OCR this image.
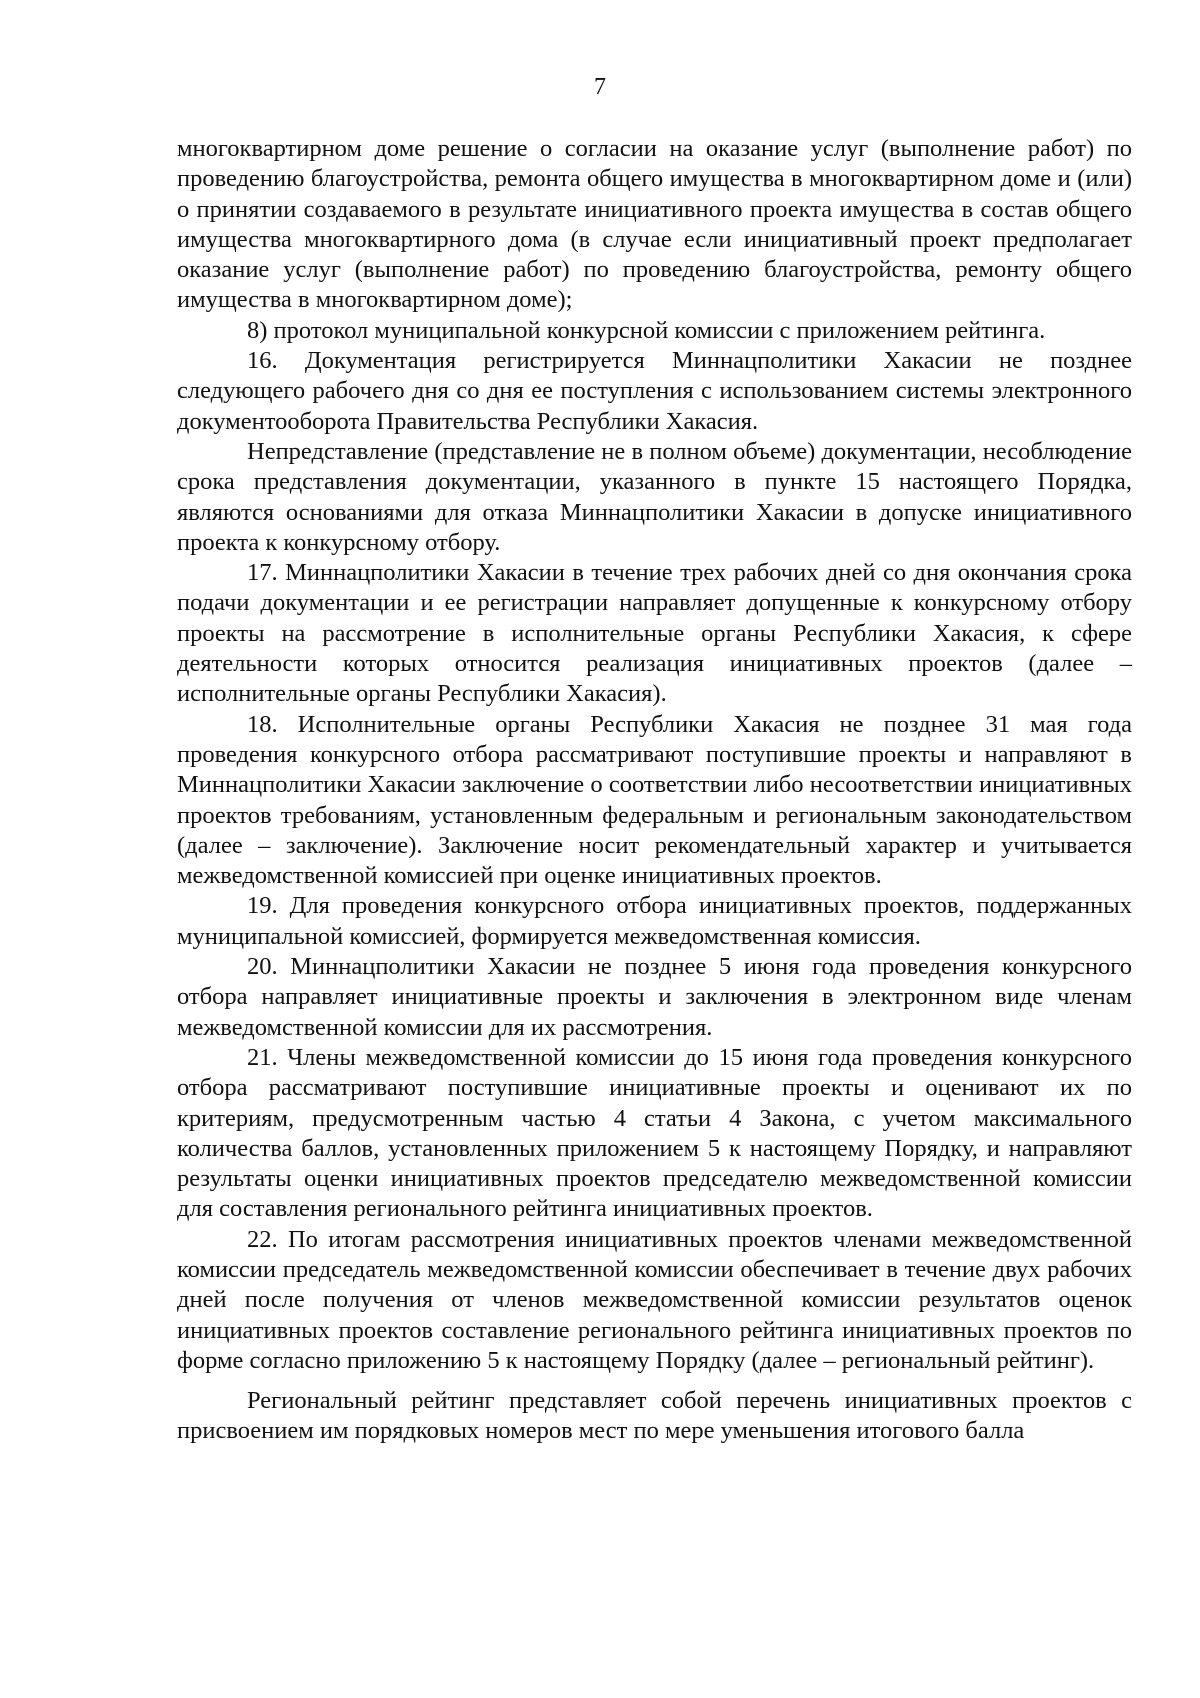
7

многоквартирном доме решение о согласии на оказание услуг (выполнение работ) по проведению благоустройства, ремонта общего имущества в многоквартирном доме и (или) о принятии создаваемого в результате инициативного проекта имущества в состав общего имущества многоквартирного дома (в случае если инициативный проект предполагает оказание услуг (выполнение работ) по проведению благоустройства, ремонту общего имущества в многоквартирном доме);

8) протокол муниципальной конкурсной комиссии с приложением рейтинга.

16. Документация регистрируется Миннацполитики Хакасии не позднее следующего рабочего дня со дня ее поступления с использованием системы электронного документооборота Правительства Республики Хакасия.

Непредставление (представление не в полном объеме) документации, несоблюдение срока представления документации, указанного в пункте 15 настоящего Порядка, являются основаниями для отказа Миннацполитики Хакасии в допуске инициативного проекта к конкурсному отбору.

17. Миннацполитики Хакасии в течение трех рабочих дней со дня окончания срока подачи документации и ее регистрации направляет допущенные к конкурсному отбору проекты на рассмотрение в исполнительные органы Республики Хакасия, к сфере деятельности которых относится реализация инициативных проектов (далее – исполнительные органы Республики Хакасия).

18. Исполнительные органы Республики Хакасия не позднее 31 мая года проведения конкурсного отбора рассматривают поступившие проекты и направляют в Миннацполитики Хакасии заключение о соответствии либо несоответствии инициативных проектов требованиям, установленным федеральным и региональным законодательством (далее – заключение). Заключение носит рекомендательный характер и учитывается межведомственной комиссией при оценке инициативных проектов.

19. Для проведения конкурсного отбора инициативных проектов, поддержанных муниципальной комиссией, формируется межведомственная комиссия.

20. Миннацполитики Хакасии не позднее 5 июня года проведения конкурсного отбора направляет инициативные проекты и заключения в электронном виде членам межведомственной комиссии для их рассмотрения.

21. Члены межведомственной комиссии до 15 июня года проведения конкурсного отбора рассматривают поступившие инициативные проекты и оценивают их по критериям, предусмотренным частью 4 статьи 4 Закона, с учетом максимального количества баллов, установленных приложением 5 к настоящему Порядку, и направляют результаты оценки инициативных проектов председателю межведомственной комиссии для составления регионального рейтинга инициативных проектов.

22. По итогам рассмотрения инициативных проектов членами межведомственной комиссии председатель межведомственной комиссии обеспечивает в течение двух рабочих дней после получения от членов межведомственной комиссии результатов оценок инициативных проектов составление регионального рейтинга инициативных проектов по форме согласно приложению 5 к настоящему Порядку (далее – региональный рейтинг).

Региональный рейтинг представляет собой перечень инициативных проектов с присвоением им порядковых номеров мест по мере уменьшения итогового балла
